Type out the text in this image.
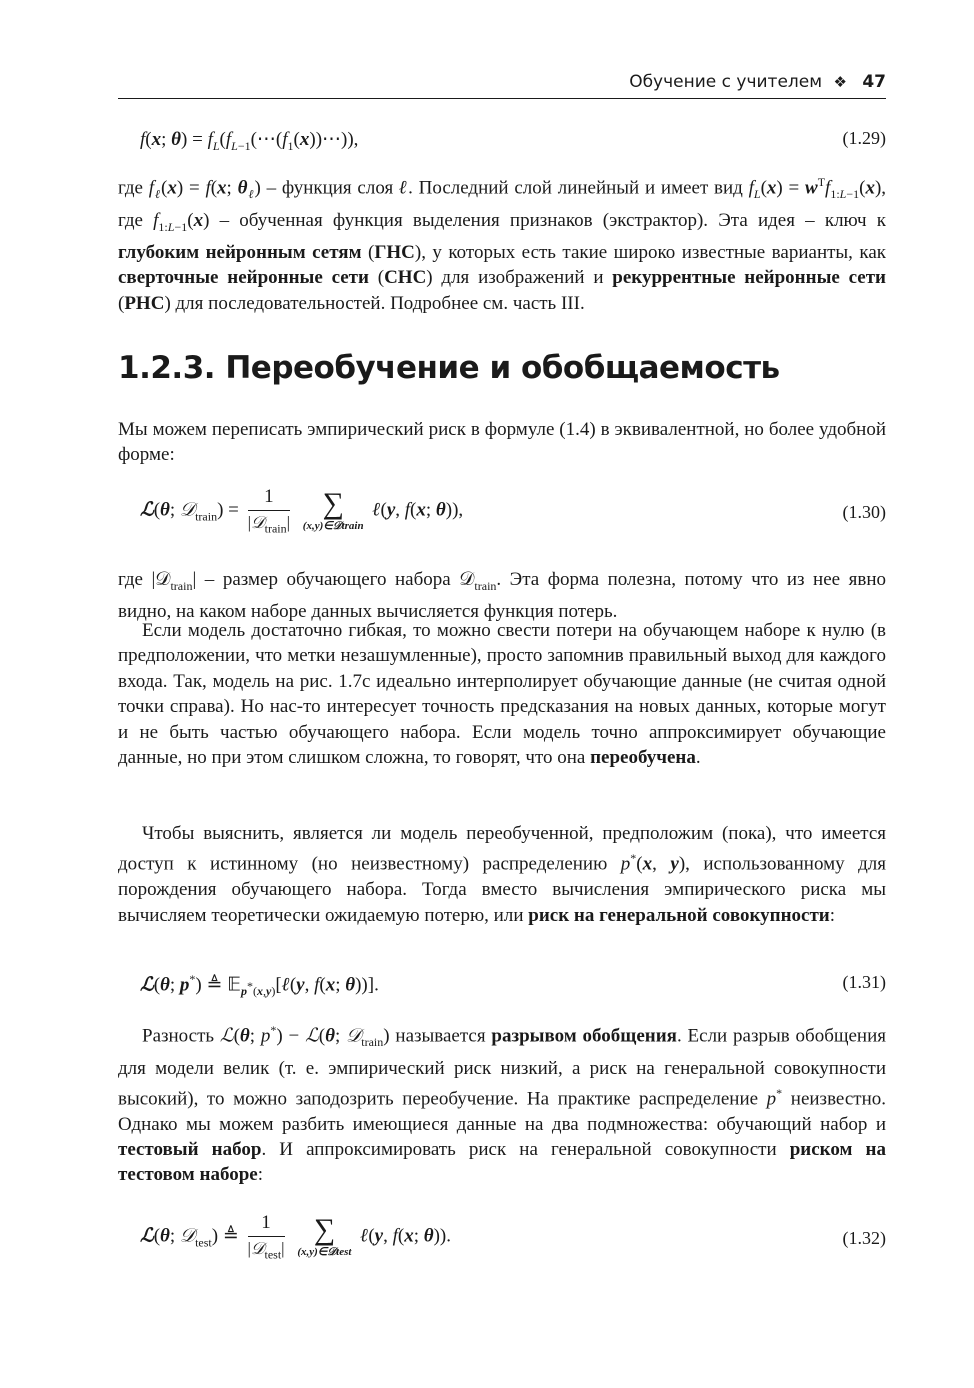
Обучение с учителем ❖ 47
f(x; $\theta) = f_L(f_{L-1}(\cdots(f_1(x))\cdots))$,	(1.29)
где $f_\ell(x) = f(x$; $\theta_\ell$) – функция слоя ℓ. Последний слой линейный и имеет вид $f_L(x) = w^Tf_{1:L-1}(x)$, где $f_{1:L-1}(x)$ – обученная функция выделения признаков (экстрактор). Эта идея – ключ к глубоким нейронным сетям (ГНС), у которых есть такие широко известные варианты, как сверточные нейронные сети (СНС) для изображений и рекуррентные нейронные сети (РНС) для последовательностей. Подробнее см. часть III.
1.2.3. Переобучение и обобщаемость
Мы можем переписать эмпирический риск в формуле (1.4) в эквивалентной, но более удобной форме:
ℒ(θ; 𝒟$_{train}$) = $\frac{1}{|𝒟_{train}|}$
	∑
(x,y)∈𝒟train
ℓ(y, f(x; θ)),	(1.30)
где |𝒟$_{train}$| – размер обучающего набора 𝒟$_{train}$. Эта форма полезна, потому что из нее явно видно, на каком наборе данных вычисляется функция потерь.
Если модель достаточно гибкая, то можно свести потери на обучающем наборе к нулю (в предположении, что метки незашумленные), просто запомнив правильный выход для каждого входа. Так, модель на рис. 1.7c идеально интерполирует обучающие данные (не считая одной точки справа). Но нас-то интересует точность предсказания на новых данных, которые могут и не быть частью обучающего набора. Если модель точно аппроксимирует обучающие данные, но при этом слишком сложна, то говорят, что она переобучена.
Чтобы выяснить, является ли модель переобученной, предположим (пока), что имеется доступ к истинному (но неизвестному) распределению p*(x, y), использованному для порождения обучающего набора. Тогда вместо вычисления эмпирического риска мы вычисляем теоретически ожидаемую потерю, или риск на генеральной совокупности:
ℒ(θ; p*) ≜ 𝔼$_{p^*(x,y)}$[ℓ(y, f(x; θ))].	(1.31)
Разность ℒ(θ; p*) − ℒ(θ; 𝒟$_{train}$) называется разрывом обобщения. Если разрыв обобщения для модели велик (т. е. эмпирический риск низкий, а риск на генеральной совокупности высокий), то можно заподозрить переобучение. На практике распределение p* неизвестно. Однако мы можем разбить имеющиеся данные на два подмножества: обучающий набор и тестовый набор. И аппроксимировать риск на генеральной совокупности риском на тестовом наборе:
ℒ(θ; 𝒟$_{test}$) ≜ $\frac{1}{|𝒟_{test}|}$
∑
(x,y)∈𝒟test
ℓ(y, f(x; θ)).	(1.32)
